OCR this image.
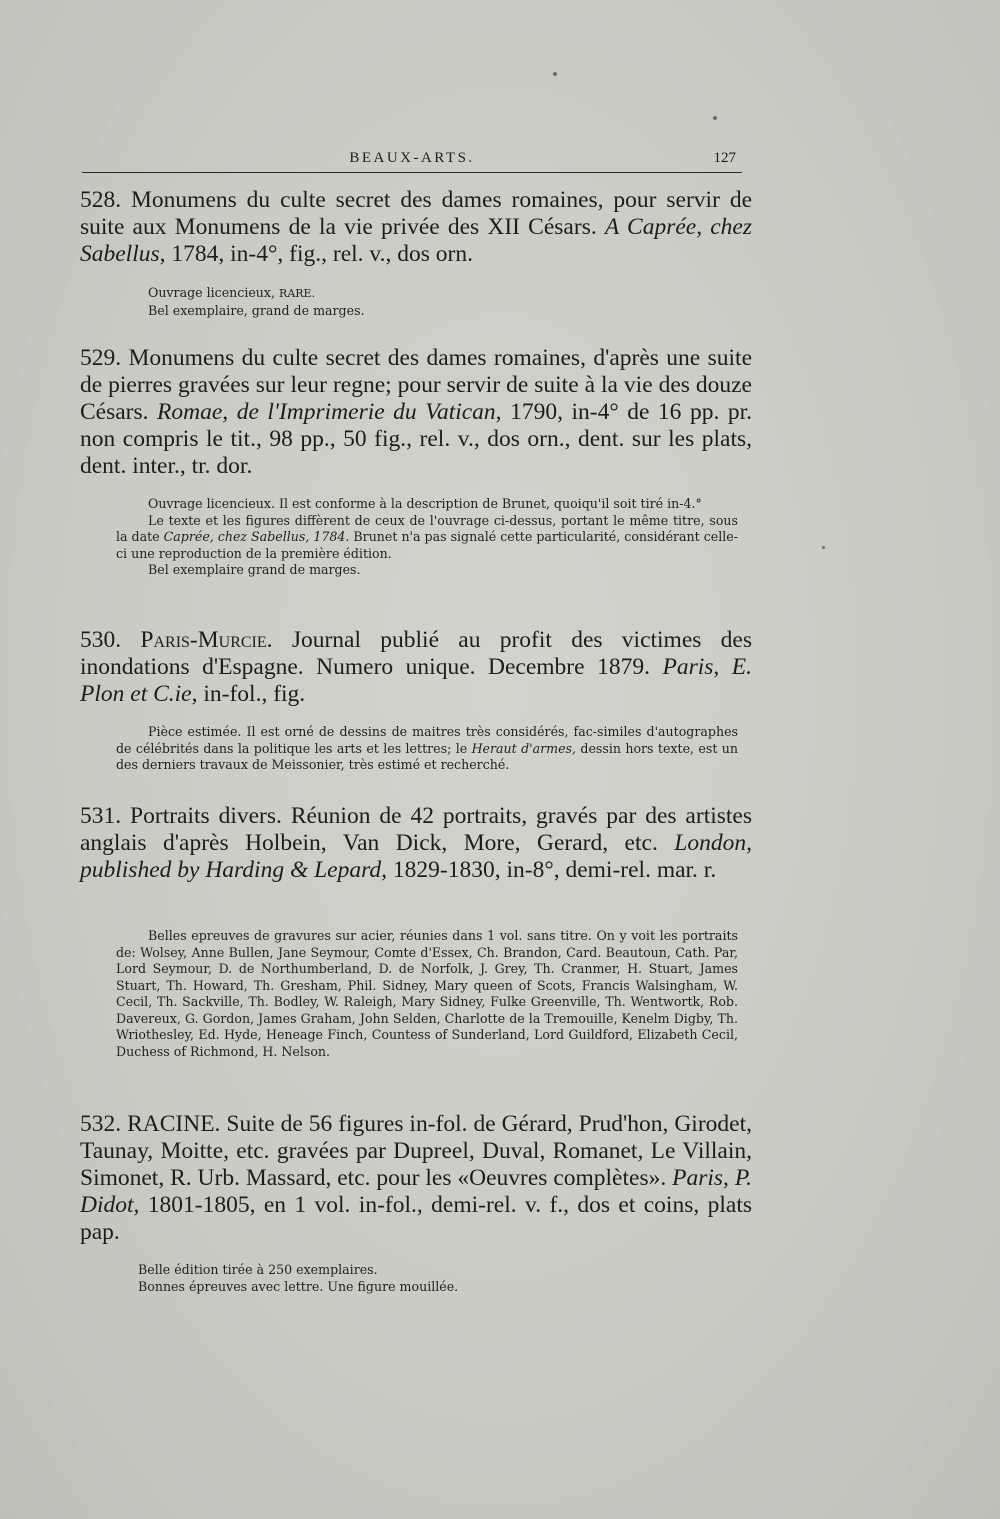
BEAUX-ARTS.	127
528. Monumens du culte secret des dames romaines, pour servir de suite aux Monumens de la vie privée des XII Césars. A Caprée, chez Sabellus, 1784, in-4°, fig., rel. v., dos orn.

Ouvrage licencieux, RARE.

Bel exemplaire, grand de marges.

529. Monumens du culte secret des dames romaines, d'après une suite de pierres gravées sur leur regne; pour servir de suite à la vie des douze Césars. Romae, de l'Imprimerie du Vatican, 1790, in-4° de 16 pp. pr. non compris le tit., 98 pp., 50 fig., rel. v., dos orn., dent. sur les plats, dent. inter., tr. dor.

Ouvrage licencieux. Il est conforme à la description de Brunet, quoiqu'il soit tiré in-4.°

Le texte et les figures diffèrent de ceux de l'ouvrage ci-dessus, portant le même titre, sous la date Caprée, chez Sabellus, 1784. Brunet n'a pas signalé cette particularité, considérant celle-ci une reproduction de la première édition.

Bel exemplaire grand de marges.

530. Paris-Murcie. Journal publié au profit des victimes des inondations d'Espagne. Numero unique. Decembre 1879. Paris, E. Plon et C.ie, in-fol., fig.

Pièce estimée. Il est orné de dessins de maitres très considérés, fac-similes d'autographes de célébrités dans la politique les arts et les lettres; le Heraut d'armes, dessin hors texte, est un des derniers travaux de Meissonier, très estimé et recherché.

531. Portraits divers. Réunion de 42 portraits, gravés par des artistes anglais d'après Holbein, Van Dick, More, Gerard, etc. London, published by Harding & Lepard, 1829-1830, in-8°, demi-rel. mar. r.

Belles epreuves de gravures sur acier, réunies dans 1 vol. sans titre. On y voit les portraits de: Wolsey, Anne Bullen, Jane Seymour, Comte d'Essex, Ch. Brandon, Card. Beautoun, Cath. Par, Lord Seymour, D. de Northumberland, D. de Norfolk, J. Grey, Th. Cranmer, H. Stuart, James Stuart, Th. Howard, Th. Gresham, Phil. Sidney, Mary queen of Scots, Francis Walsingham, W. Cecil, Th. Sackville, Th. Bodley, W. Raleigh, Mary Sidney, Fulke Greenville, Th. Wentwortk, Rob. Davereux, G. Gordon, James Graham, John Selden, Charlotte de la Tremouille, Kenelm Digby, Th. Wriothesley, Ed. Hyde, Heneage Finch, Countess of Sunderland, Lord Guildford, Elizabeth Cecil, Duchess of Richmond, H. Nelson.

532. RACINE. Suite de 56 figures in-fol. de Gérard, Prud'hon, Girodet, Taunay, Moitte, etc. gravées par Dupreel, Duval, Romanet, Le Villain, Simonet, R. Urb. Massard, etc. pour les «Oeuvres complètes». Paris, P. Didot, 1801-1805, en 1 vol. in-fol., demi-rel. v. f., dos et coins, plats pap.

Belle édition tirée à 250 exemplaires.

Bonnes épreuves avec lettre. Une figure mouillée.
